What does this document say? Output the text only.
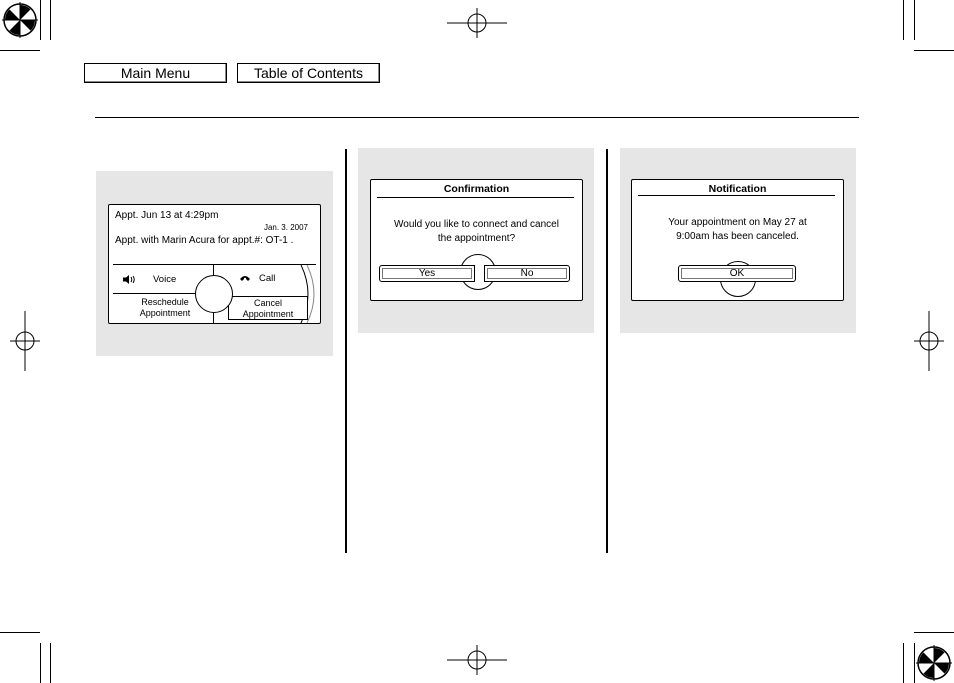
Main Menu	Table of Contents
Appt. Jun 13 at 4:29pm
Jan. 3. 2007
Appt. with Marin Acura for appt.#: OT-1 .
Voice	Call
Reschedule
Appointment
Cancel
Appointment
Confirmation
Would you like to connect and cancel
the appointment?
Yes	No
Notification
Your appointment on May 27 at
9:00am has been canceled.
OK
